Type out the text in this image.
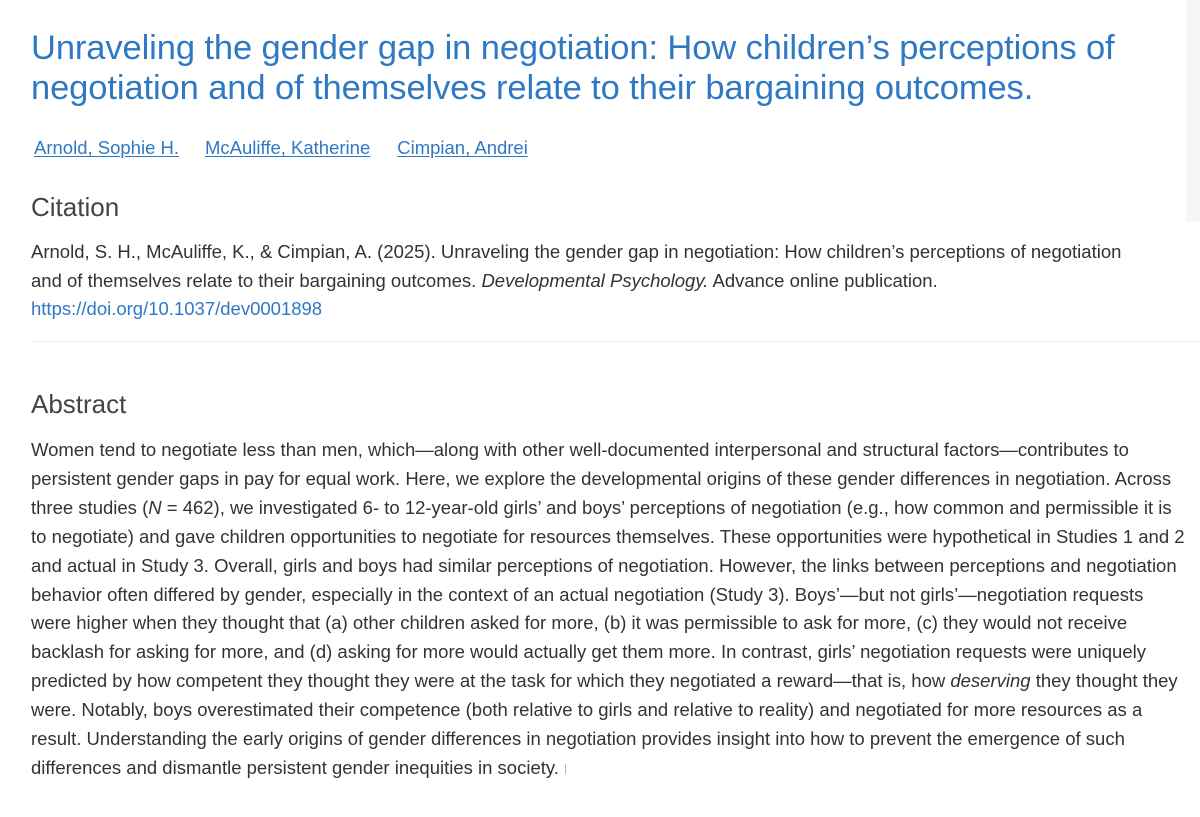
Unraveling the gender gap in negotiation: How children’s perceptions of negotiation and of themselves relate to their bargaining outcomes.
Arnold, Sophie H. McAuliffe, Katherine Cimpian, Andrei
Citation

Arnold, S. H., McAuliffe, K., & Cimpian, A. (2025). Unraveling the gender gap in negotiation: How children’s perceptions of negotiation and of themselves relate to their bargaining outcomes. Developmental Psychology. Advance online publication.
https://doi.org/10.1037/dev0001898

Abstract

Women tend to negotiate less than men, which—along with other well-documented interpersonal and structural factors—contributes to persistent gender gaps in pay for equal work. Here, we explore the developmental origins of these gender differences in negotiation. Across three studies (N = 462), we investigated 6- to 12-year-old girls’ and boys’ perceptions of negotiation (e.g., how common and permissible it is to negotiate) and gave children opportunities to negotiate for resources themselves. These opportunities were hypothetical in Studies 1 and 2 and actual in Study 3. Overall, girls and boys had similar perceptions of negotiation. However, the links between perceptions and negotiation behavior often differed by gender, especially in the context of an actual negotiation (Study 3). Boys’—but not girls’—negotiation requests were higher when they thought that (a) other children asked for more, (b) it was permissible to ask for more, (c) they would not receive backlash for asking for more, and (d) asking for more would actually get them more. In contrast, girls’ negotiation requests were uniquely predicted by how competent they thought they were at the task for which they negotiated a reward—that is, how deserving they thought they were. Notably, boys overestimated their competence (both relative to girls and relative to reality) and negotiated for more resources as a result. Understanding the early origins of gender differences in negotiation provides insight into how to prevent the emergence of such differences and dismantle persistent gender inequities in society.
